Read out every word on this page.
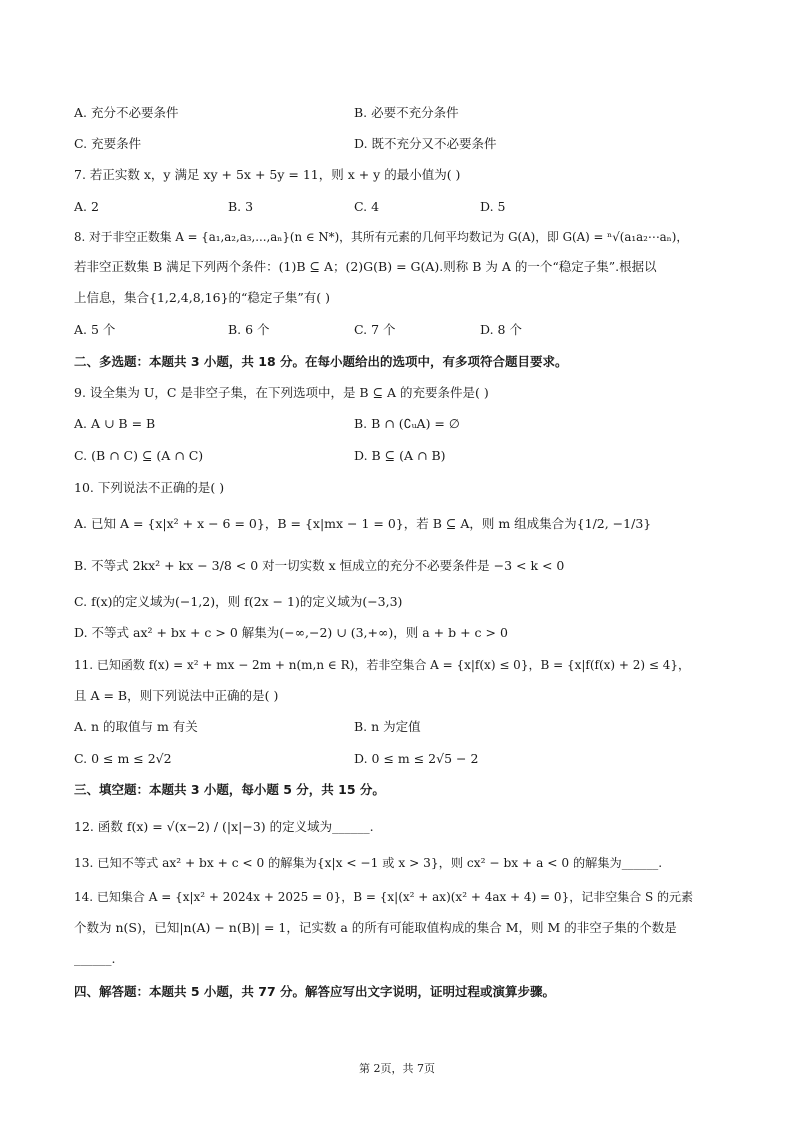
A. 充分不必要条件	B. 必要不充分条件
C. 充要条件	D. 既不充分又不必要条件
7. 若正实数 x，y 满足 xy + 5x + 5y = 11，则 x + y 的最小值为( )
A. 2	B. 3	C. 4	D. 5
8. 对于非空正数集 A = {a₁,a₂,a₃,...,aₙ}(n ∈ N*)，其所有元素的几何平均数记为 G(A)，即 G(A) = ⁿ√(a₁a₂⋯aₙ)，
若非空正数集 B 满足下列两个条件：(1)B ⊆ A；(2)G(B) = G(A).则称 B 为 A 的一个“稳定子集”.根据以
上信息，集合{1,2,4,8,16}的“稳定子集”有( )
A. 5 个	B. 6 个	C. 7 个	D. 8 个
二、多选题：本题共 3 小题，共 18 分。在每小题给出的选项中，有多项符合题目要求。
9. 设全集为 U，C 是非空子集，在下列选项中，是 B ⊆ A 的充要条件是( )
A. A ∪ B = B	B. B ∩ (∁ᵤA) = ∅
C. (B ∩ C) ⊆ (A ∩ C)	D. B ⊆ (A ∩ B)
10. 下列说法不正确的是( )
A. 已知 A = {x|x² + x − 6 = 0}，B = {x|mx − 1 = 0}，若 B ⊆ A，则 m 组成集合为{1/2, −1/3}
B. 不等式 2kx² + kx − 3/8 < 0 对一切实数 x 恒成立的充分不必要条件是 −3 < k < 0
C. f(x)的定义域为(−1,2)，则 f(2x − 1)的定义域为(−3,3)
D. 不等式 ax² + bx + c > 0 解集为(−∞,−2) ∪ (3,+∞)，则 a + b + c > 0
11. 已知函数 f(x) = x² + mx − 2m + n(m,n ∈ R)，若非空集合 A = {x|f(x) ≤ 0}，B = {x|f(f(x) + 2) ≤ 4}，
且 A = B，则下列说法中正确的是( )
A. n 的取值与 m 有关	B. n 为定值
C. 0 ≤ m ≤ 2√2	D. 0 ≤ m ≤ 2√5 − 2
三、填空题：本题共 3 小题，每小题 5 分，共 15 分。
12. 函数 f(x) = √(x−2) / (|x|−3) 的定义域为______.
13. 已知不等式 ax² + bx + c < 0 的解集为{x|x < −1 或 x > 3}，则 cx² − bx + a < 0 的解集为______.
14. 已知集合 A = {x|x² + 2024x + 2025 = 0}，B = {x|(x² + ax)(x² + 4ax + 4) = 0}，记非空集合 S 的元素
个数为 n(S)，已知|n(A) − n(B)| = 1，记实数 a 的所有可能取值构成的集合 M，则 M 的非空子集的个数是
______.
四、解答题：本题共 5 小题，共 77 分。解答应写出文字说明，证明过程或演算步骤。
第 2页，共 7页
